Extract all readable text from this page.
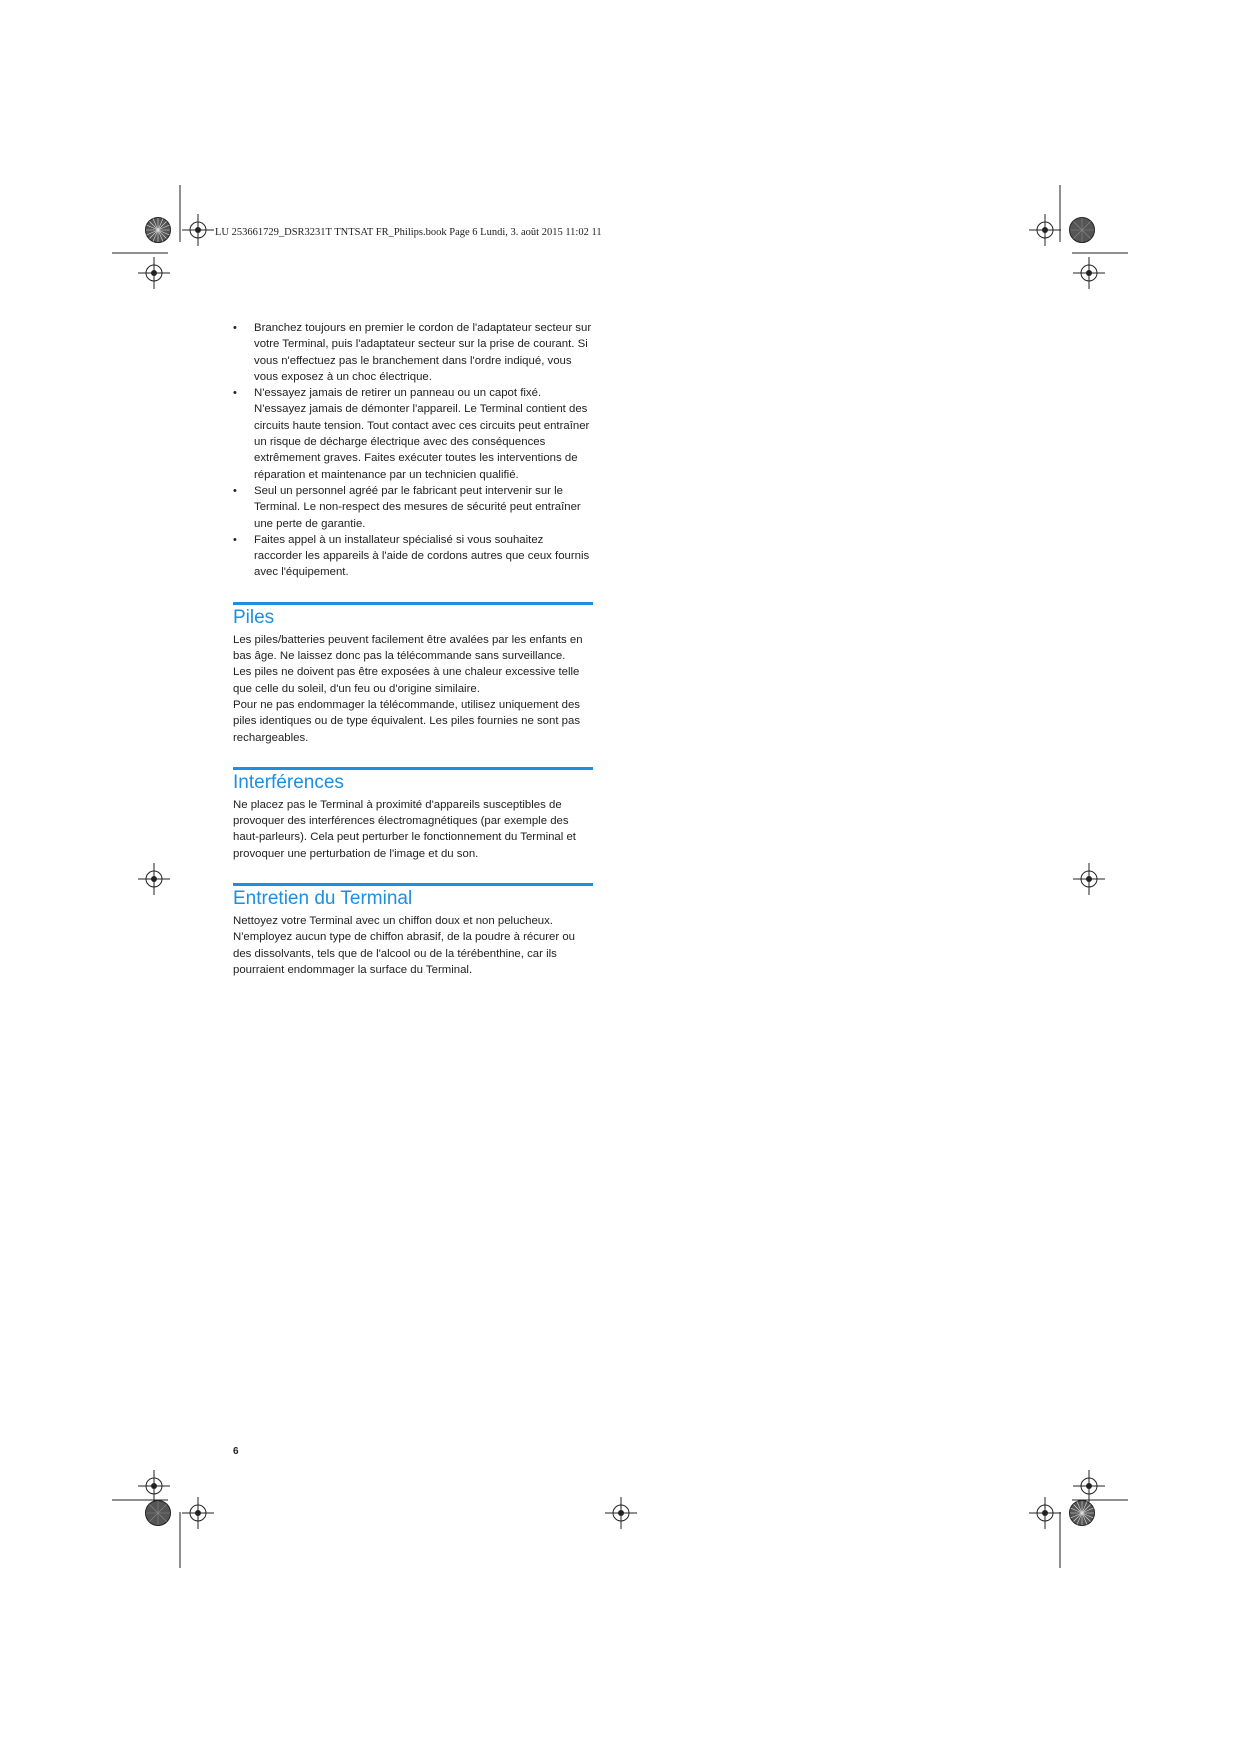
LU 253661729_DSR3231T TNTSAT FR_Philips.book Page 6 Lundi, 3. août 2015 11:02 11
• Branchez toujours en premier le cordon de l'adaptateur secteur sur votre Terminal, puis l'adaptateur secteur sur la prise de courant. Si vous n'effectuez pas le branchement dans l'ordre indiqué, vous vous exposez à un choc électrique.
• N'essayez jamais de retirer un panneau ou un capot fixé. N'essayez jamais de démonter l'appareil. Le Terminal contient des circuits haute tension. Tout contact avec ces circuits peut entraîner un risque de décharge électrique avec des conséquences extrêmement graves. Faites exécuter toutes les interventions de réparation et maintenance par un technicien qualifié.
• Seul un personnel agréé par le fabricant peut intervenir sur le Terminal. Le non-respect des mesures de sécurité peut entraîner une perte de garantie.
• Faites appel à un installateur spécialisé si vous souhaitez raccorder les appareils à l'aide de cordons autres que ceux fournis avec l'équipement.
Piles

Les piles/batteries peuvent facilement être avalées par les enfants en bas âge. Ne laissez donc pas la télécommande sans surveillance.

Les piles ne doivent pas être exposées à une chaleur excessive telle que celle du soleil, d'un feu ou d'origine similaire.

Pour ne pas endommager la télécommande, utilisez uniquement des piles identiques ou de type équivalent. Les piles fournies ne sont pas rechargeables.

Interférences

Ne placez pas le Terminal à proximité d'appareils susceptibles de provoquer des interférences électromagnétiques (par exemple des haut-parleurs). Cela peut perturber le fonctionnement du Terminal et provoquer une perturbation de l'image et du son.

Entretien du Terminal

Nettoyez votre Terminal avec un chiffon doux et non pelucheux. N'employez aucun type de chiffon abrasif, de la poudre à récurer ou des dissolvants, tels que de l'alcool ou de la térébenthine, car ils pourraient endommager la surface du Terminal.

6
